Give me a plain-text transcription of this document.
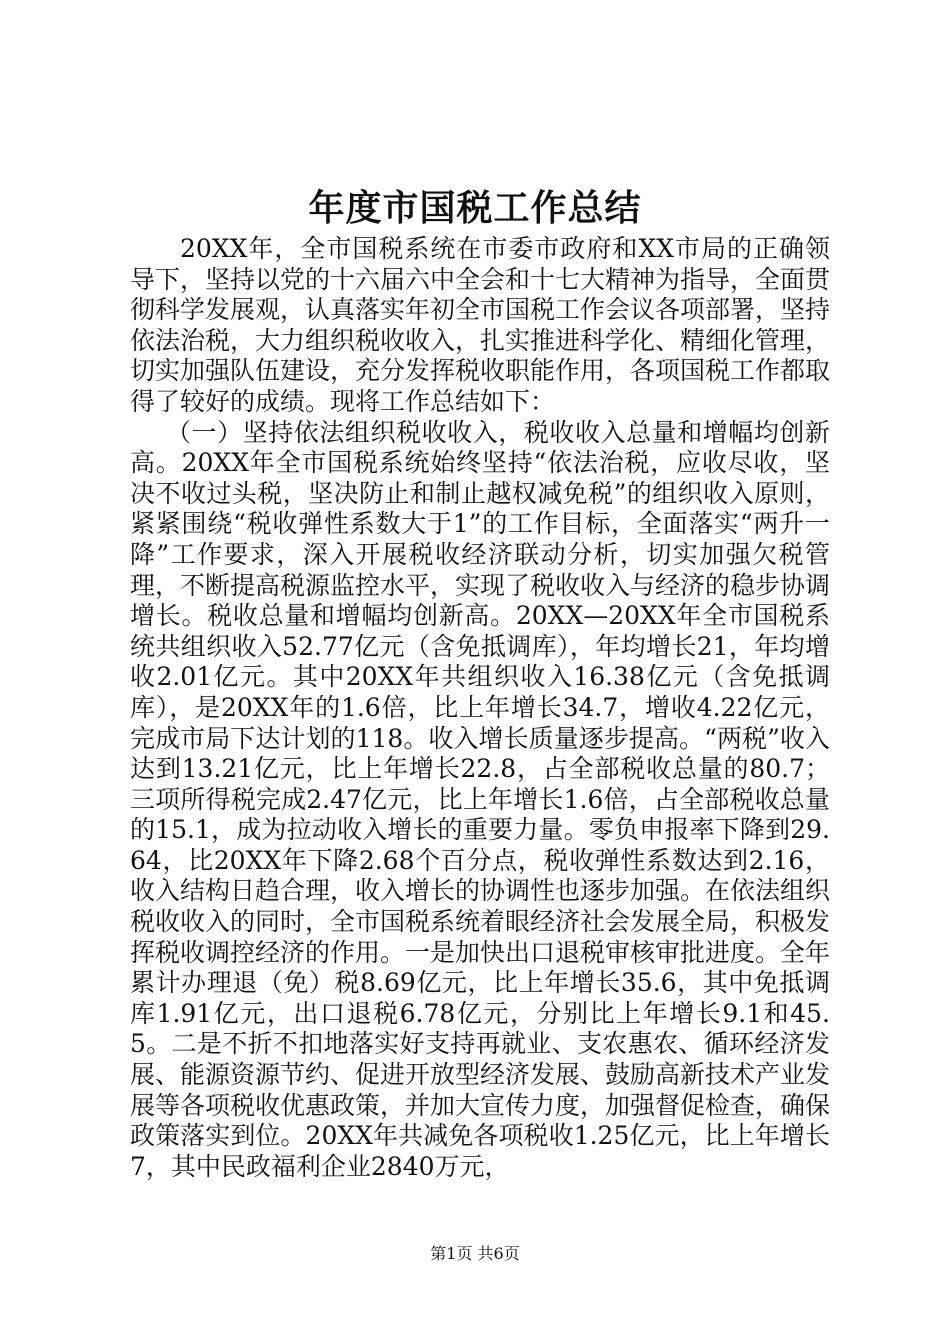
年度市国税工作总结

20XX年，全市国税系统在市委市政府和XX市局的正确领导下，坚持以党的十六届六中全会和十七大精神为指导，全面贯彻科学发展观，认真落实年初全市国税工作会议各项部署，坚持依法治税，大力组织税收收入，扎实推进科学化、精细化管理，切实加强队伍建设，充分发挥税收职能作用，各项国税工作都取得了较好的成绩。现将工作总结如下：

（一）坚持依法组织税收收入，税收收入总量和增幅均创新高。20XX年全市国税系统始终坚持“依法治税，应收尽收，坚决不收过头税，坚决防止和制止越权减免税”的组织收入原则，紧紧围绕“税收弹性系数大于1”的工作目标，全面落实“两升一降”工作要求，深入开展税收经济联动分析，切实加强欠税管理，不断提高税源监控水平，实现了税收收入与经济的稳步协调增长。税收总量和增幅均创新高。20XX—20XX年全市国税系统共组织收入52.77亿元（含免抵调库），年均增长21，年均增收2.01亿元。其中20XX年共组织收入16.38亿元（含免抵调库），是20XX年的1.6倍，比上年增长34.7，增收4.22亿元，完成市局下达计划的118。收入增长质量逐步提高。“两税”收入达到13.21亿元，比上年增长22.8，占全部税收总量的80.7；三项所得税完成2.47亿元，比上年增长1.6倍，占全部税收总量的15.1，成为拉动收入增长的重要力量。零负申报率下降到29.64，比20XX年下降2.68个百分点，税收弹性系数达到2.16，收入结构日趋合理，收入增长的协调性也逐步加强。在依法组织税收收入的同时，全市国税系统着眼经济社会发展全局，积极发挥税收调控经济的作用。一是加快出口退税审核审批进度。全年累计办理退（免）税8.69亿元，比上年增长35.6，其中免抵调库1.91亿元，出口退税6.78亿元，分别比上年增长9.1和45.5。二是不折不扣地落实好支持再就业、支农惠农、循环经济发展、能源资源节约、促进开放型经济发展、鼓励高新技术产业发展等各项税收优惠政策，并加大宣传力度，加强督促检查，确保政策落实到位。20XX年共减免各项税收1.25亿元，比上年增长7，其中民政福利企业2840万元，

第1页 共6页
